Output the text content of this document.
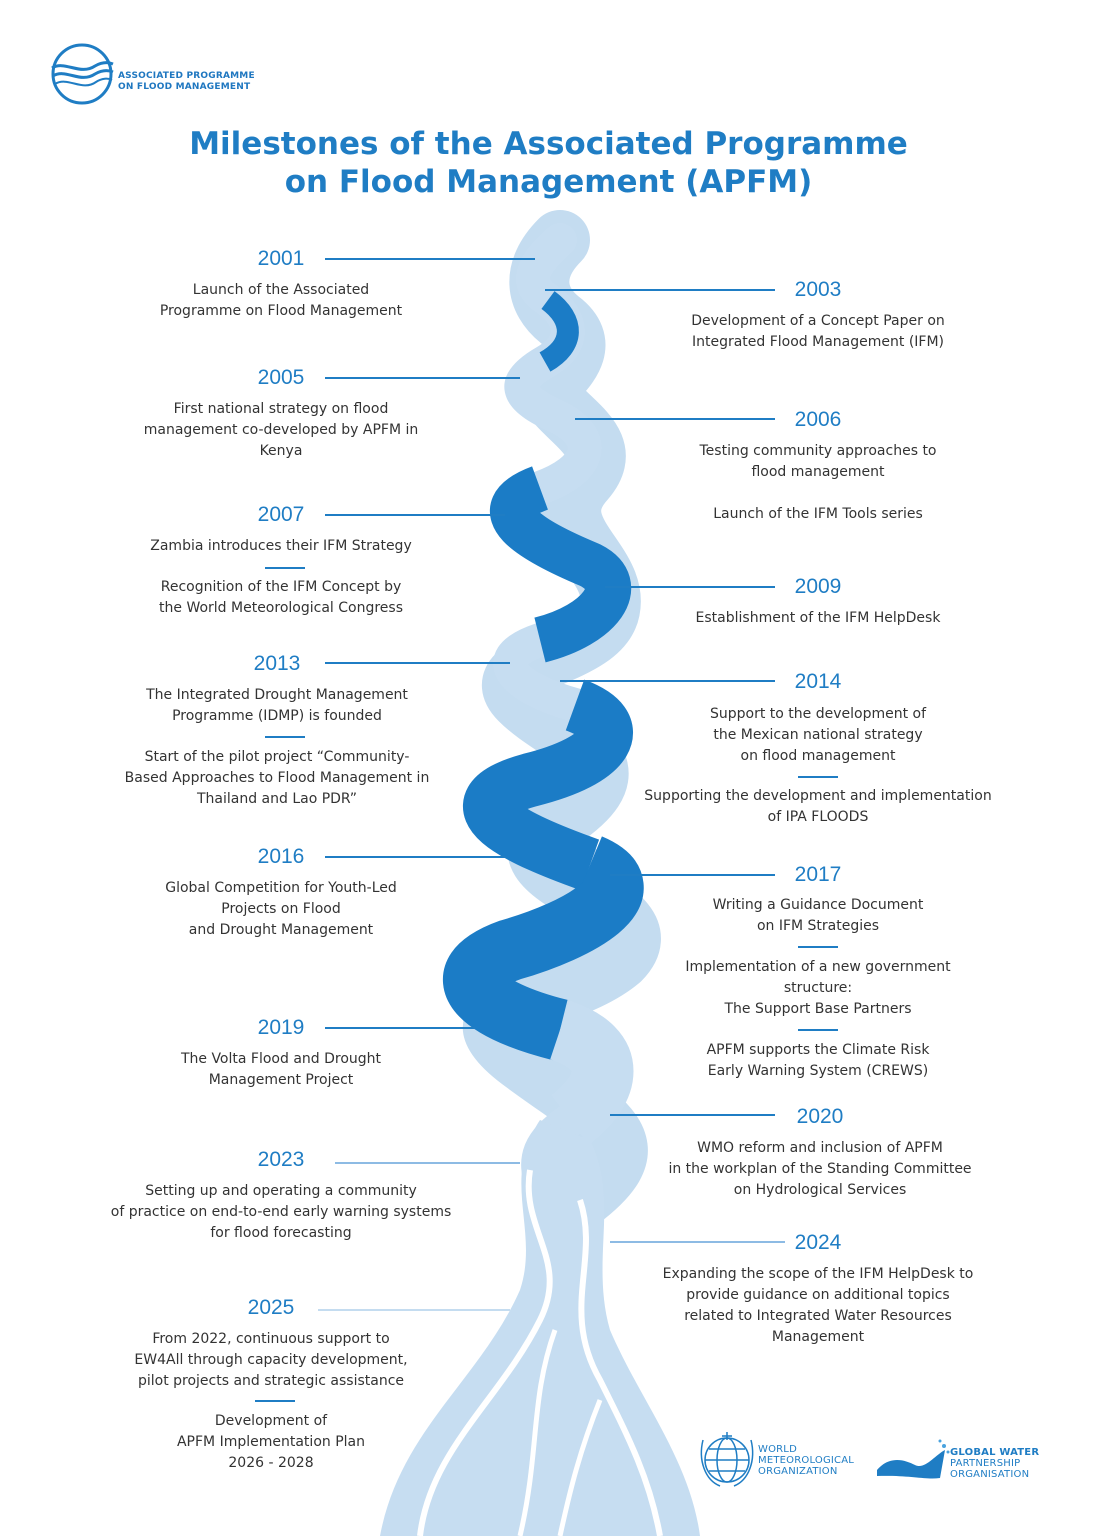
ASSOCIATED PROGRAMME
ON FLOOD MANAGEMENT
Milestones of the Associated Programme
on Flood Management (APFM)
2001
Launch of the Associated
Programme on Flood Management
2005
First national strategy on flood
management co-developed by APFM in
Kenya
2007
Zambia introduces their IFM Strategy
Recognition of the IFM Concept by
the World Meteorological Congress
2013
The Integrated Drought Management
Programme (IDMP) is founded
Start of the pilot project “Community-
Based Approaches to Flood Management in
Thailand and Lao PDR”
2016
Global Competition for Youth-Led
Projects on Flood
and Drought Management
2019
The Volta Flood and Drought
Management Project
2023
Setting up and operating a community
of practice on end-to-end early warning systems
for flood forecasting
2025
From 2022, continuous support to
EW4All through capacity development,
pilot projects and strategic assistance
Development of
APFM Implementation Plan
2026 - 2028
2003
Development of a Concept Paper on
Integrated Flood Management (IFM)
2006
Testing community approaches to
flood management
Launch of the IFM Tools series
2009
Establishment of the IFM HelpDesk
2014
Support to the development of
the Mexican national strategy
on flood management
Supporting the development and implementation
of IPA FLOODS
2017
Writing a Guidance Document
on IFM Strategies
Implementation of a new government
structure:
The Support Base Partners
APFM supports the Climate Risk
Early Warning System (CREWS)
2020
WMO reform and inclusion of APFM
in the workplan of the Standing Committee
on Hydrological Services
2024
Expanding the scope of the IFM HelpDesk to
provide guidance on additional topics
related to Integrated Water Resources
Management
WORLD
METEOROLOGICAL
ORGANIZATION
GLOBAL WATER
PARTNERSHIP
ORGANISATION
